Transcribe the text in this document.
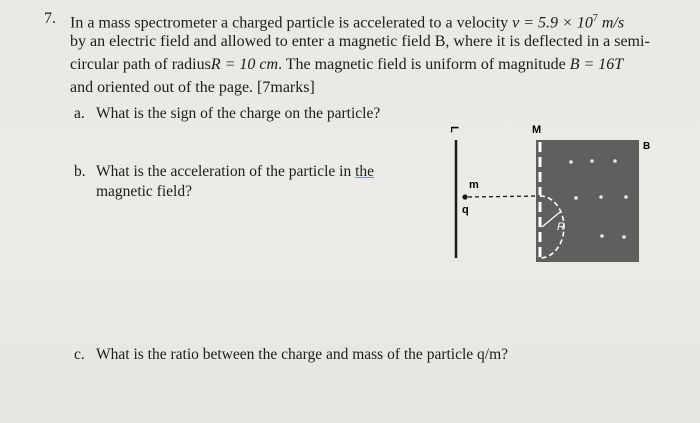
7. In a mass spectrometer a charged particle is accelerated to a velocity $v = 5.9 \times 10^7$ m/s
by an electric field and allowed to enter a magnetic field B, where it is deflected in a semi-
circular path of radiusR = 10 cm. The magnetic field is uniform of magnitude B = 16T
and oriented out of the page. [7marks]
a. What is the sign of the charge on the particle?
b. What is the acceleration of the particle in the
magnetic field?
c. What is the ratio between the charge and mass of the particle q/m?
L	M
B
m
q
R
